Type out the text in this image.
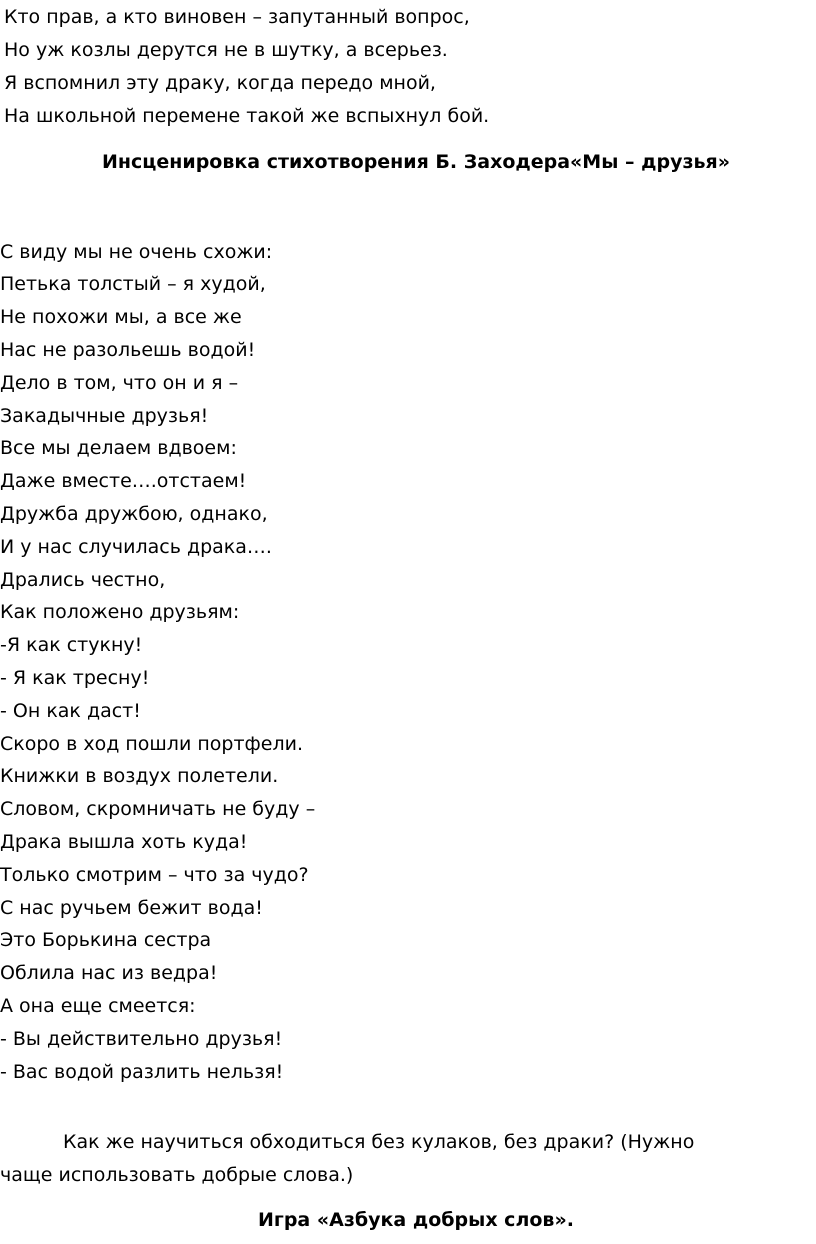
Кто прав, а кто виновен – запутанный вопрос,
Но уж козлы дерутся не в шутку, а всерьез.
Я вспомнил эту драку, когда передо мной,
На школьной перемене такой же вспыхнул бой.
Инсценировка стихотворения Б. Заходера«Мы – друзья»
С виду мы не очень схожи:
Петька толстый – я худой,
Не похожи мы, а все же
Нас не разольешь водой!
Дело в том, что он и я –
Закадычные друзья!
Все мы делаем вдвоем:
Даже вместе….отстаем!
Дружба дружбою, однако,
И у нас случилась драка….
Дрались честно,
Как положено друзьям:
-Я как стукну!
- Я как тресну!
- Он как даст!
Скоро в ход пошли портфели.
Книжки в воздух полетели.
Словом, скромничать не буду –
Драка вышла хоть куда!
Только смотрим – что за чудо?
С нас ручьем бежит вода!
Это Борькина сестра
Облила нас из ведра!
А она еще смеется:
- Вы действительно друзья!
- Вас водой разлить нельзя!
Как же научиться обходиться без кулаков, без драки? (Нужно
чаще использовать добрые слова.)
Игра «Азбука добрых слов».
